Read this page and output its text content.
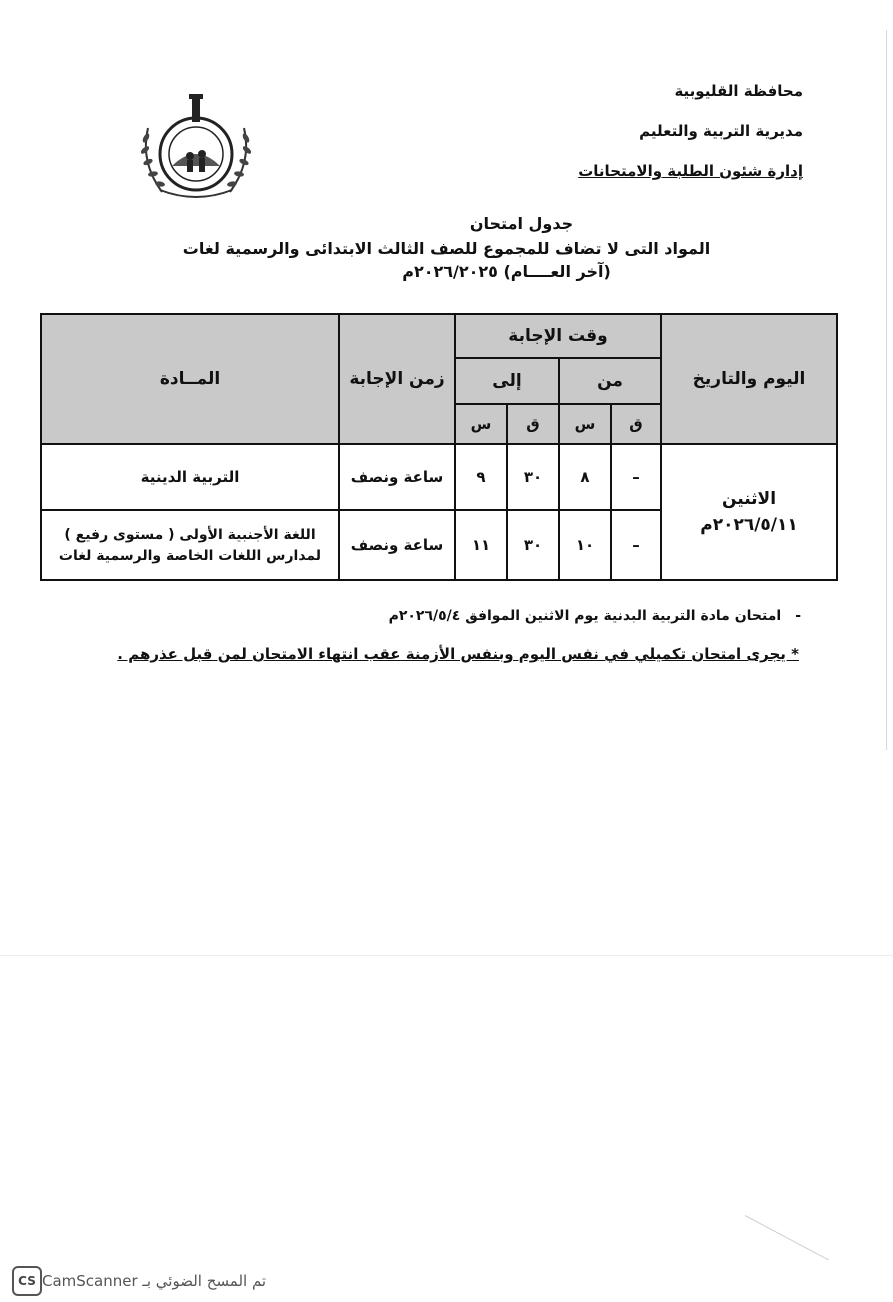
محافظة القليوبية
مديرية التربية والتعليم
إدارة شئون الطلبة والامتحانات
جدول امتحان
المواد التى لا تضاف للمجموع للصف الثالث الابتدائى والرسمية لغات
(آخر العــــام) ٢٠٢٦/٢٠٢٥م
اليوم والتاريخ	وقت الإجابة				زمن الإجابة	المــادة
	من		إلى			
	ق	س	ق	س		

الاثنين
٢٠٢٦/٥/١١م	–	٨	٣٠	٩	ساعة ونصف	التربية الدينية

	–	١٠	٣٠	١١	ساعة ونصف	اللغة الأجنبية الأولى ( مستوى رفيع )
لمدارس اللغات الخاصة والرسمية لغات
-امتحان مادة التربية البدنية يوم الاثنين الموافق ٢٠٢٦/٥/٤م
* يجرى امتحان تكميلي في نفس اليوم وبنفس الأزمنة عقب انتهاء الامتحان لمن قبل عذرهم .
CS تم المسح الضوئي بـ CamScanner
